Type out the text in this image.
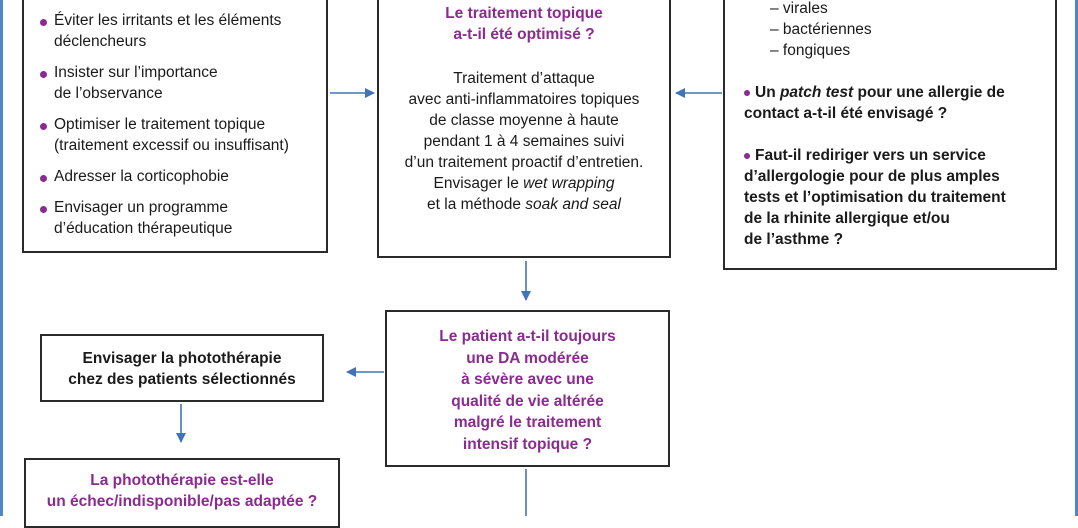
Éviter les irritants et les éléments
déclencheurs
Insister sur l’importance
de l’observance
Optimiser le traitement topique
(traitement excessif ou insuffisant)
Adresser la corticophobie
Envisager un programme
d’éducation thérapeutique
Le traitement topique
a-t-il été optimisé ?
Traitement d’attaque
avec anti-inflammatoires topiques
de classe moyenne à haute
pendant 1 à 4 semaines suivi
d’un traitement proactif d’entretien.
Envisager le wet wrapping
et la méthode soak and seal
– virales
– bactériennes
– fongiques
Un patch test pour une allergie de
contact a-t-il été envisagé ?
Faut-il rediriger vers un service
d’allergologie pour de plus amples
tests et l’optimisation du traitement
de la rhinite allergique et/ou
de l’asthme ?
Le patient a-t-il toujours
une DA modérée
à sévère avec une
qualité de vie altérée
malgré le traitement
intensif topique ?
Envisager la photothérapie
chez des patients sélectionnés
La photothérapie est-elle
un échec/indisponible/pas adaptée ?
